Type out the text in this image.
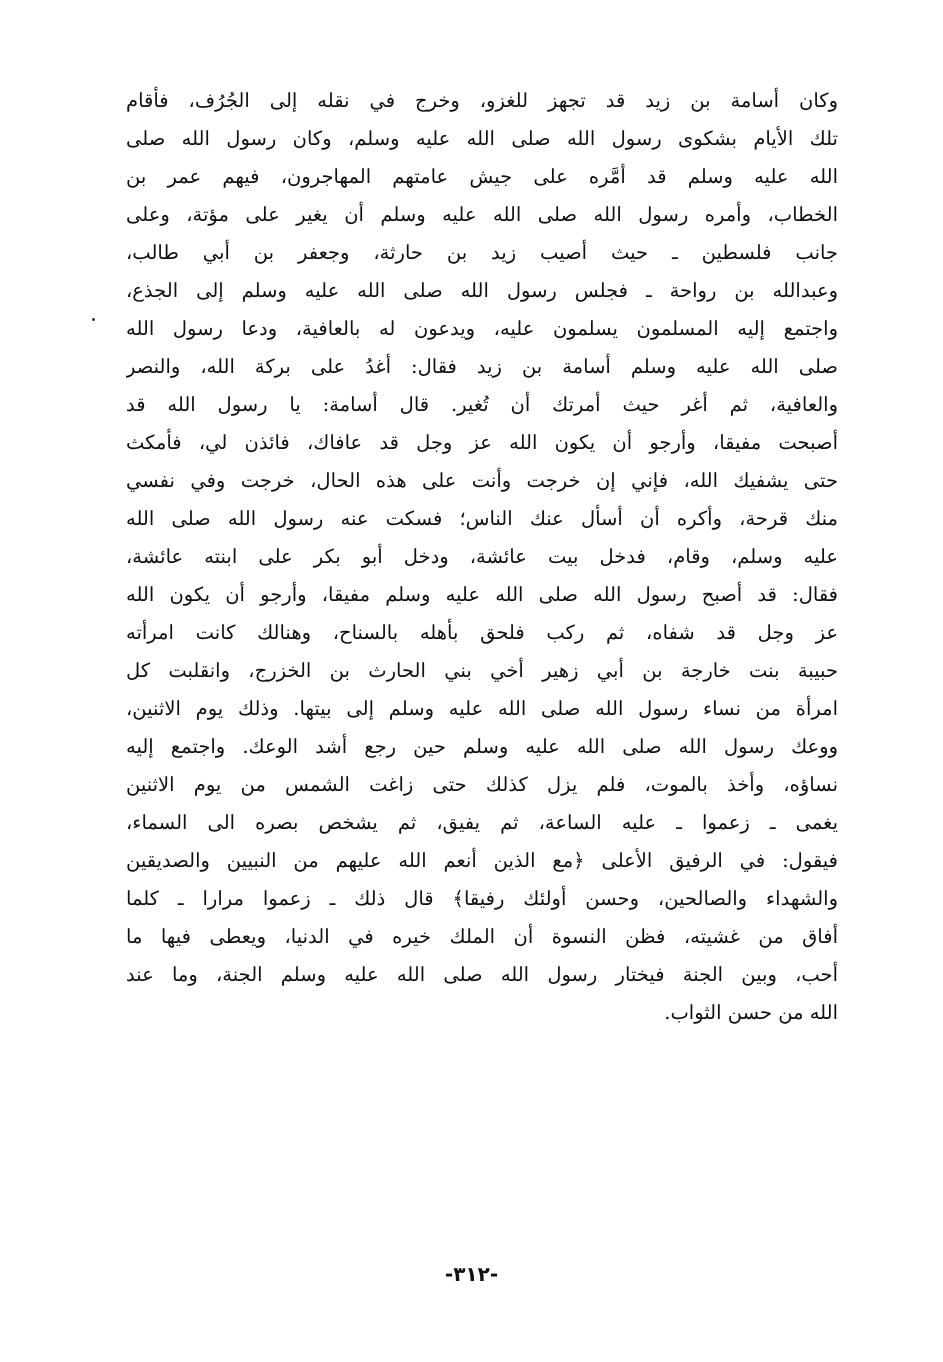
وكان أسامة بن زيد قد تجهز للغزو، وخرج في نقله إلى الجُرُف، فأقام
تلك الأيام بشكوى رسول الله صلى الله عليه وسلم، وكان رسول الله صلى
الله عليه وسلم قد أمَّره على جيش عامتهم المهاجرون، فيهم عمر بن
الخطاب، وأمره رسول الله صلى الله عليه وسلم أن يغير على مؤتة، وعلى
جانب فلسطين ـ حيث أصيب زيد بن حارثة، وجعفر بن أبي طالب،
وعبدالله بن رواحة ـ فجلس رسول الله صلى الله عليه وسلم إلى الجذع،
واجتمع إليه المسلمون يسلمون عليه، ويدعون له بالعافية، ودعا رسول الله
صلى الله عليه وسلم أسامة بن زيد فقال: أغدُ على بركة الله، والنصر
والعافية، ثم أغر حيث أمرتك أن تُغير. قال أسامة: يا رسول الله قد
أصبحت مفيقا، وأرجو أن يكون الله عز وجل قد عافاك، فائذن لي، فأمكث
حتى يشفيك الله، فإني إن خرجت وأنت على هذه الحال، خرجت وفي نفسي
منك قرحة، وأكره أن أسأل عنك الناس؛ فسكت عنه رسول الله صلى الله
عليه وسلم، وقام، فدخل بيت عائشة، ودخل أبو بكر على ابنته عائشة،
فقال: قد أصبح رسول الله صلى الله عليه وسلم مفيقا، وأرجو أن يكون الله
عز وجل قد شفاه، ثم ركب فلحق بأهله بالسناح، وهنالك كانت امرأته
حبيبة بنت خارجة بن أبي زهير أخي بني الحارث بن الخزرج، وانقلبت كل
امرأة من نساء رسول الله صلى الله عليه وسلم إلى بيتها. وذلك يوم الاثنين،
ووعك رسول الله صلى الله عليه وسلم حين رجع أشد الوعك. واجتمع إليه
نساؤه، وأخذ بالموت، فلم يزل كذلك حتى زاغت الشمس من يوم الاثنين
يغمى ـ زعموا ـ عليه الساعة، ثم يفيق، ثم يشخص بصره الى السماء،
فيقول: في الرفيق الأعلى ﴿مع الذين أنعم الله عليهم من النبيين والصديقين
والشهداء والصالحين، وحسن أولئك رفيقا﴾ قال ذلك ـ زعموا مرارا ـ كلما
أفاق من غشيته، فظن النسوة أن الملك خيره في الدنيا، ويعطى فيها ما
أحب، وبين الجنة فيختار رسول الله صلى الله عليه وسلم الجنة، وما عند
الله من حسن الثواب.
-٣١٢-
